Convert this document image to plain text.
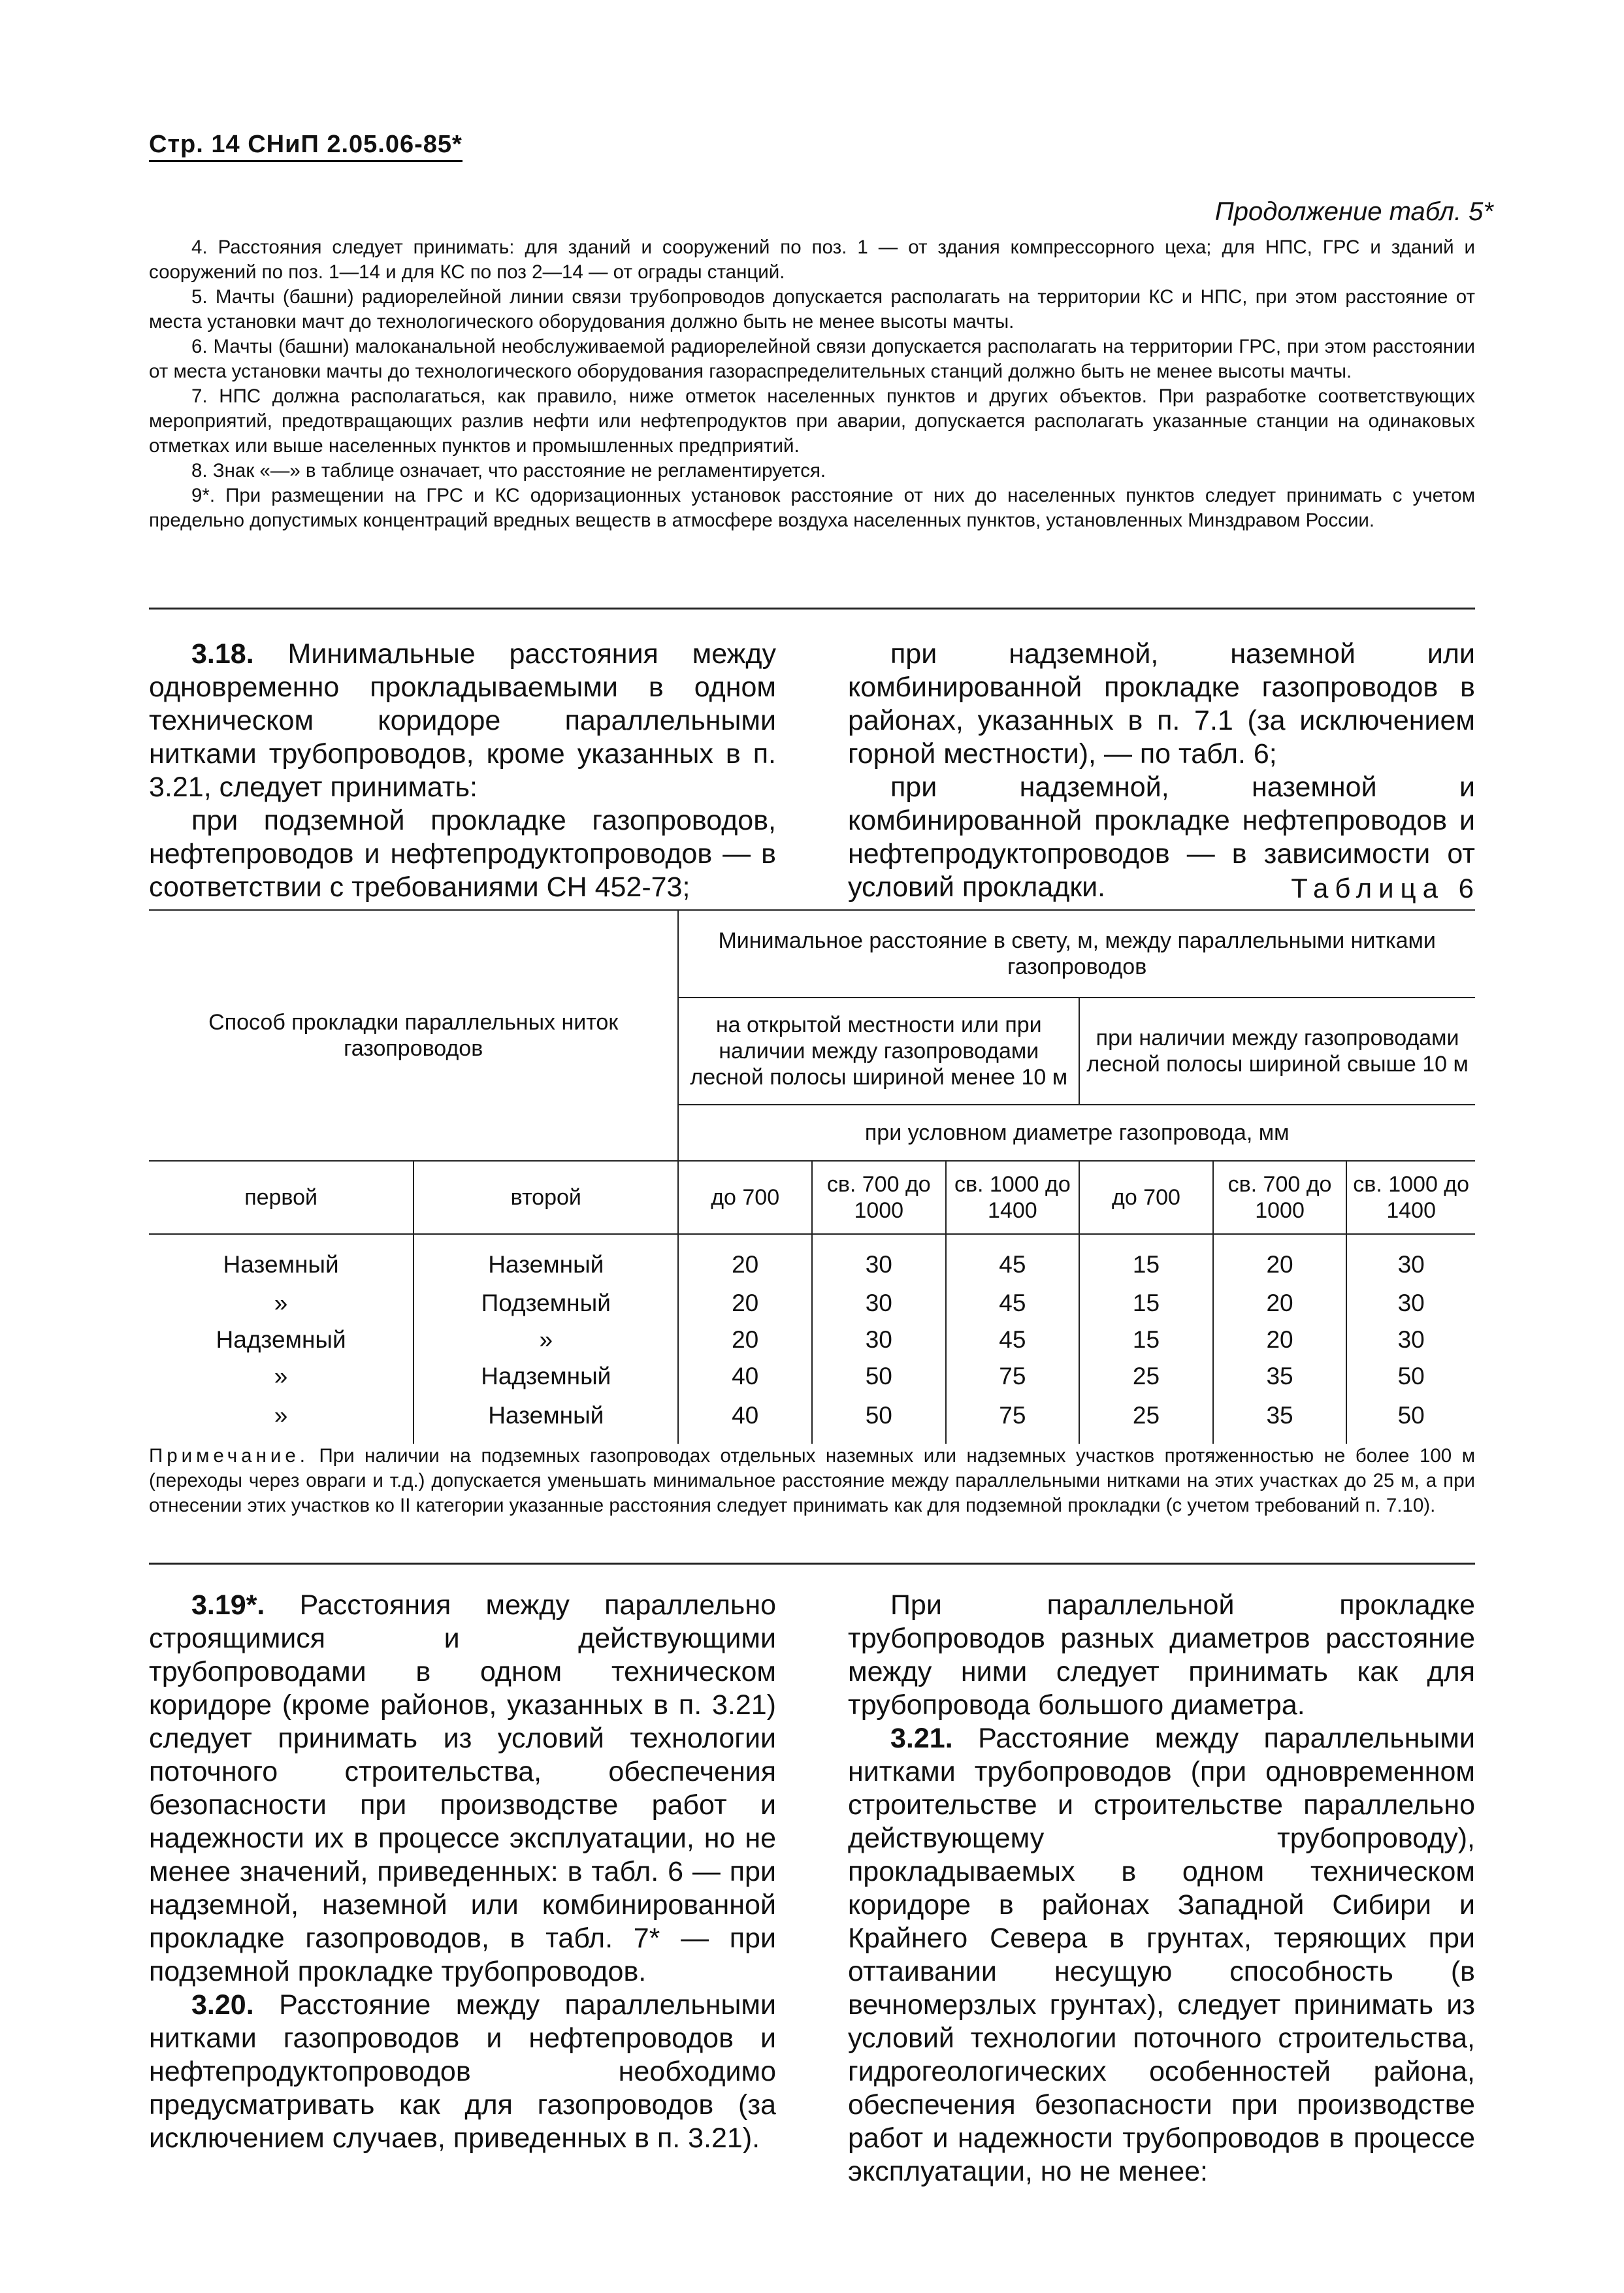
Стр. 14 СНиП 2.05.06-85*
Продолжение табл. 5*

4. Расстояния следует принимать: для зданий и сооружений по поз. 1 — от здания компрессорного цеха; для НПС, ГРС и зданий и сооружений по поз. 1—14 и для КС по поз 2—14 — от ограды станций.

5. Мачты (башни) радиорелейной линии связи трубопроводов допускается располагать на территории КС и НПС, при этом расстояние от места установки мачт до технологического оборудования должно быть не менее высоты мачты.

6. Мачты (башни) малоканальной необслуживаемой радиорелейной связи допускается располагать на территории ГРС, при этом расстоянии от места установки мачты до технологического оборудования газораспределительных станций должно быть не менее высоты мачты.

7. НПС должна располагаться, как правило, ниже отметок населенных пунктов и других объектов. При разработке соответствующих мероприятий, предотвращающих разлив нефти или нефтепродуктов при аварии, допускается располагать указанные станции на одинаковых отметках или выше населенных пунктов и промышленных предприятий.

8. Знак «—» в таблице означает, что расстояние не регламентируется.

9*. При размещении на ГРС и КС одоризационных установок расстояние от них до населенных пунктов следует принимать с учетом предельно допустимых концентраций вредных веществ в атмосфере воздуха населенных пунктов, установленных Минздравом России.

3.18. Минимальные расстояния между одновременно прокладываемыми в одном техническом коридоре параллельными нитками трубопроводов, кроме указанных в п. 3.21, следует принимать:

при подземной прокладке газопроводов, нефтепроводов и нефтепродуктопроводов — в соответствии с требованиями СН 452-73;

при надземной, наземной или комбинированной прокладке газопроводов в районах, указанных в п. 7.1 (за исключением горной местности), — по табл. 6;

при надземной, наземной и комбинированной прокладке нефтепроводов и нефтепродуктопроводов — в зависимости от условий прокладки.	Таблица 6
Способ прокладки параллельных ниток газопроводов		Минимальное расстояние в свету, м, между параллельными нитками газопроводов					
		на открытой местности или при наличии между газопроводами лесной полосы шириной менее 10 м			при наличии между газопроводами лесной полосы шириной свыше 10 м		
		при условном диаметре газопровода, мм					
первой	второй	до 700	св. 700 до 1000	св. 1000 до 1400	до 700	св. 700 до 1000	св. 1000 до 1400
Наземный	Наземный	20	30	45	15	20	30
»	Подземный	20	30	45	15	20	30
Надземный	»	20	30	45	15	20	30
»	Надземный	40	50	75	25	35	50
»	Наземный	40	50	75	25	35	50
Примечание. При наличии на подземных газопроводах отдельных наземных или надземных участков протяженностью не более 100 м (переходы через овраги и т.д.) допускается уменьшать минимальное расстояние между параллельными нитками на этих участках до 25 м, а при отнесении этих участков ко II категории указанные расстояния следует принимать как для подземной прокладки (с учетом требований п. 7.10).

3.19*. Расстояния между параллельно строящимися и действующими трубопроводами в одном техническом коридоре (кроме районов, указанных в п. 3.21) следует принимать из условий технологии поточного строительства, обеспечения безопасности при производстве работ и надежности их в процессе эксплуатации, но не менее значений, приведенных: в табл. 6 — при надземной, наземной или комбинированной прокладке газопроводов, в табл. 7* — при подземной прокладке трубопроводов.

3.20. Расстояние между параллельными нитками газопроводов и нефтепроводов и нефтепродуктопроводов необходимо предусматривать как для газопроводов (за исключением случаев, приведенных в п. 3.21).

При параллельной прокладке трубопроводов разных диаметров расстояние между ними следует принимать как для трубопровода большого диаметра.

3.21. Расстояние между параллельными нитками трубопроводов (при одновременном строительстве и строительстве параллельно действующему трубопроводу), прокладываемых в одном техническом коридоре в районах Западной Сибири и Крайнего Севера в грунтах, теряющих при оттаивании несущую способность (в вечномерзлых грунтах), следует принимать из условий технологии поточного строительства, гидрогеологических особенностей района, обеспечения безопасности при производстве работ и надежности трубопроводов в процессе эксплуатации, но не менее:
